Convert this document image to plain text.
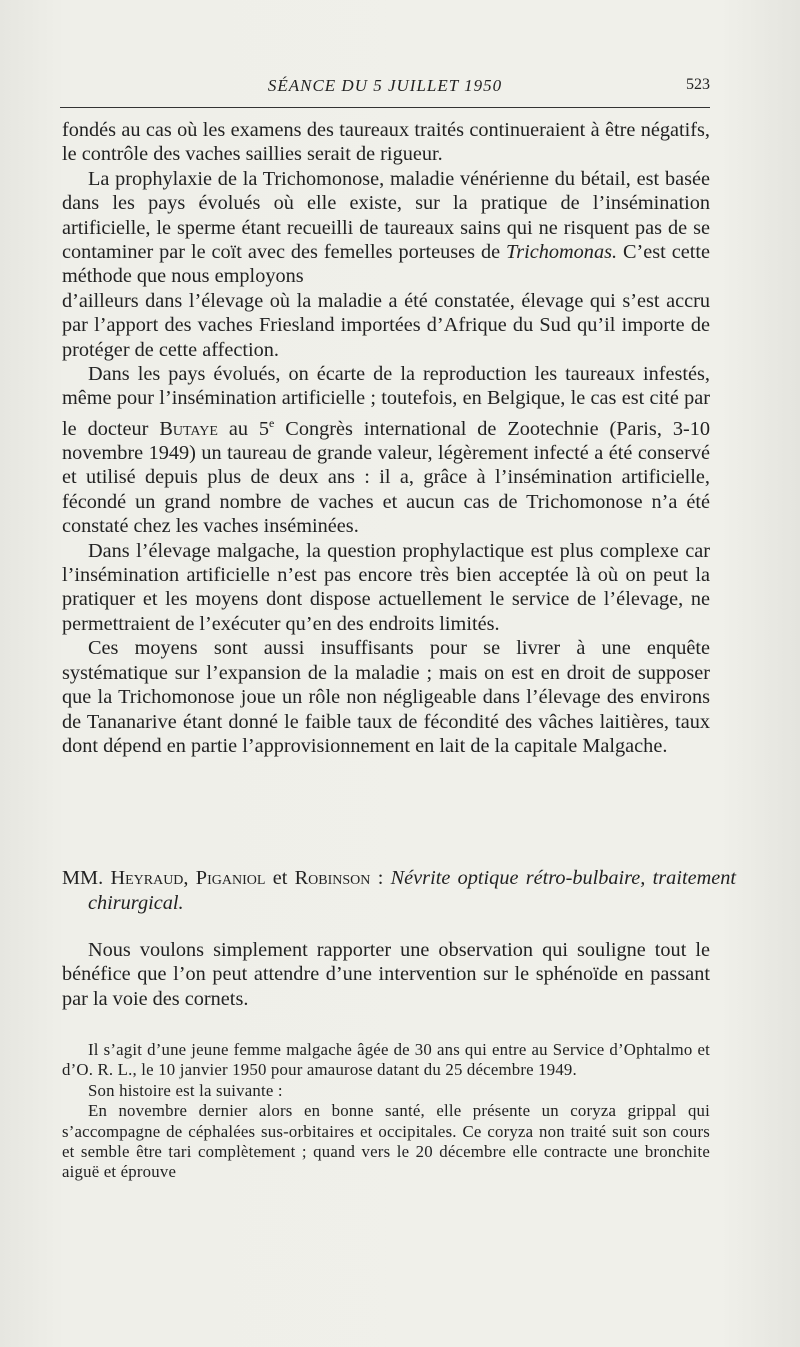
SÉANCE DU 5 JUILLET 1950	523

fondés au cas où les examens des taureaux traités continueraient à être négatifs, le contrôle des vaches saillies serait de rigueur.

La prophylaxie de la Trichomonose, maladie vénérienne du bétail, est basée dans les pays évolués où elle existe, sur la pratique de l’insémination artificielle, le sperme étant recueilli de taureaux sains qui ne risquent pas de se contaminer par le coït avec des femelles porteuses de Trichomonas. C’est cette méthode que nous employons

d’ailleurs dans l’élevage où la maladie a été constatée, élevage qui s’est accru par l’apport des vaches Friesland importées d’Afrique du Sud qu’il importe de protéger de cette affection.

Dans les pays évolués, on écarte de la reproduction les taureaux infestés, même pour l’insémination artificielle ; toutefois, en Belgique, le cas est cité par le docteur Butaye au 5e Congrès international de Zootechnie (Paris, 3-10 novembre 1949) un taureau de grande valeur, légèrement infecté a été conservé et utilisé depuis plus de deux ans : il a, grâce à l’insémination artificielle, fécondé un grand nombre de vaches et aucun cas de Trichomonose n’a été constaté chez les vaches inséminées.

Dans l’élevage malgache, la question prophylactique est plus complexe car l’insémination artificielle n’est pas encore très bien acceptée là où on peut la pratiquer et les moyens dont dispose actuellement le service de l’élevage, ne permettraient de l’exécuter qu’en des endroits limités.

Ces moyens sont aussi insuffisants pour se livrer à une enquête systématique sur l’expansion de la maladie ; mais on est en droit de supposer que la Trichomonose joue un rôle non négligeable dans l’élevage des environs de Tananarive étant donné le faible taux de fécondité des vâches laitières, taux dont dépend en partie l’approvisionnement en lait de la capitale Malgache.

MM. Heyraud, Piganiol et Robinson : Névrite optique rétro-bulbaire, traitement chirurgical.

Nous voulons simplement rapporter une observation qui souligne tout le bénéfice que l’on peut attendre d’une intervention sur le sphénoïde en passant par la voie des cornets.

Il s’agit d’une jeune femme malgache âgée de 30 ans qui entre au Service d’Ophtalmo et d’O. R. L., le 10 janvier 1950 pour amaurose datant du 25 décembre 1949.

Son histoire est la suivante :

En novembre dernier alors en bonne santé, elle présente un coryza grippal qui s’accompagne de céphalées sus-orbitaires et occipitales. Ce coryza non traité suit son cours et semble être tari complètement ; quand vers le 20 décembre elle contracte une bronchite aiguë et éprouve
